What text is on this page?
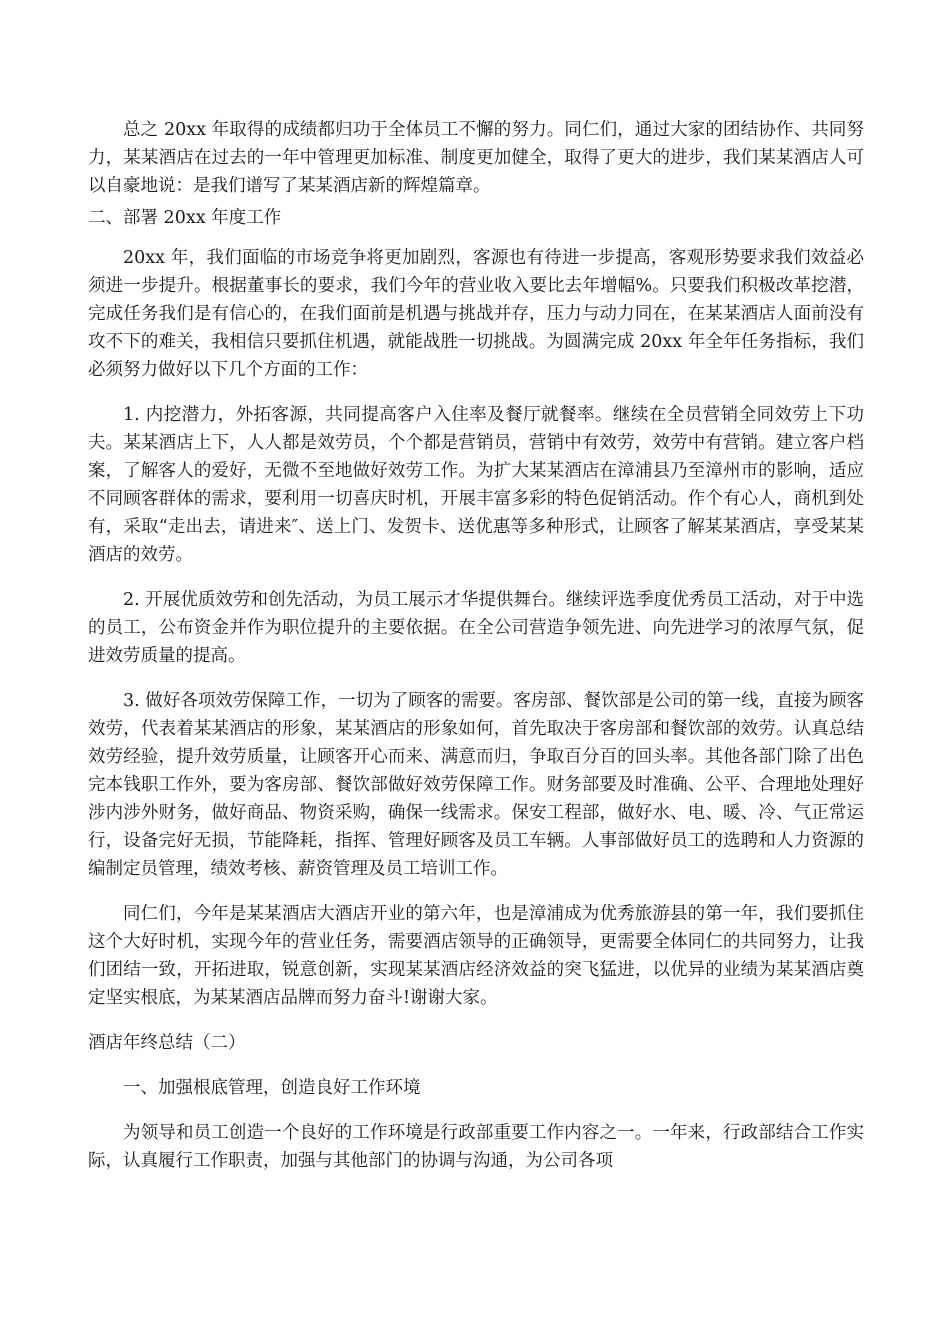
总之 20xx 年取得的成绩都归功于全体员工不懈的努力。同仁们，通过大家的团结协作、共同努力，某某酒店在过去的一年中管理更加标准、制度更加健全，取得了更大的进步，我们某某酒店人可以自豪地说：是我们谱写了某某酒店新的辉煌篇章。

二、部署 20xx 年度工作

20xx 年，我们面临的市场竞争将更加剧烈，客源也有待进一步提高，客观形势要求我们效益必须进一步提升。根据董事长的要求，我们今年的营业收入要比去年增幅%。只要我们积极改革挖潜，完成任务我们是有信心的，在我们面前是机遇与挑战并存，压力与动力同在，在某某酒店人面前没有攻不下的难关，我相信只要抓住机遇，就能战胜一切挑战。为圆满完成 20xx 年全年任务指标，我们必须努力做好以下几个方面的工作：

1. 内挖潜力，外拓客源，共同提高客户入住率及餐厅就餐率。继续在全员营销全同效劳上下功夫。某某酒店上下，人人都是效劳员，个个都是营销员，营销中有效劳，效劳中有营销。建立客户档案，了解客人的爱好，无微不至地做好效劳工作。为扩大某某酒店在漳浦县乃至漳州市的影响，适应不同顾客群体的需求，要利用一切喜庆时机，开展丰富多彩的特色促销活动。作个有心人，商机到处有，采取“走出去，请进来″、送上门、发贺卡、送优惠等多种形式，让顾客了解某某酒店，享受某某酒店的效劳。

2. 开展优质效劳和创先活动，为员工展示才华提供舞台。继续评选季度优秀员工活动，对于中选的员工，公布资金并作为职位提升的主要依据。在全公司营造争领先进、向先进学习的浓厚气氛，促进效劳质量的提高。

3. 做好各项效劳保障工作，一切为了顾客的需要。客房部、餐饮部是公司的第一线，直接为顾客效劳，代表着某某酒店的形象，某某酒店的形象如何，首先取决于客房部和餐饮部的效劳。认真总结效劳经验，提升效劳质量，让顾客开心而来、满意而归，争取百分百的回头率。其他各部门除了出色完本钱职工作外，要为客房部、餐饮部做好效劳保障工作。财务部要及时准确、公平、合理地处理好涉内涉外财务，做好商品、物资采购，确保一线需求。保安工程部，做好水、电、暖、冷、气正常运行，设备完好无损，节能降耗，指挥、管理好顾客及员工车辆。人事部做好员工的选聘和人力资源的编制定员管理，绩效考核、薪资管理及员工培训工作。

同仁们，今年是某某酒店大酒店开业的第六年，也是漳浦成为优秀旅游县的第一年，我们要抓住这个大好时机，实现今年的营业任务，需要酒店领导的正确领导，更需要全体同仁的共同努力，让我们团结一致，开拓进取，锐意创新，实现某某酒店经济效益的突飞猛进，以优异的业绩为某某酒店奠定坚实根底，为某某酒店品牌而努力奋斗!谢谢大家。

酒店年终总结（二）

一、加强根底管理，创造良好工作环境

为领导和员工创造一个良好的工作环境是行政部重要工作内容之一。一年来，行政部结合工作实际，认真履行工作职责，加强与其他部门的协调与沟通，为公司各项
